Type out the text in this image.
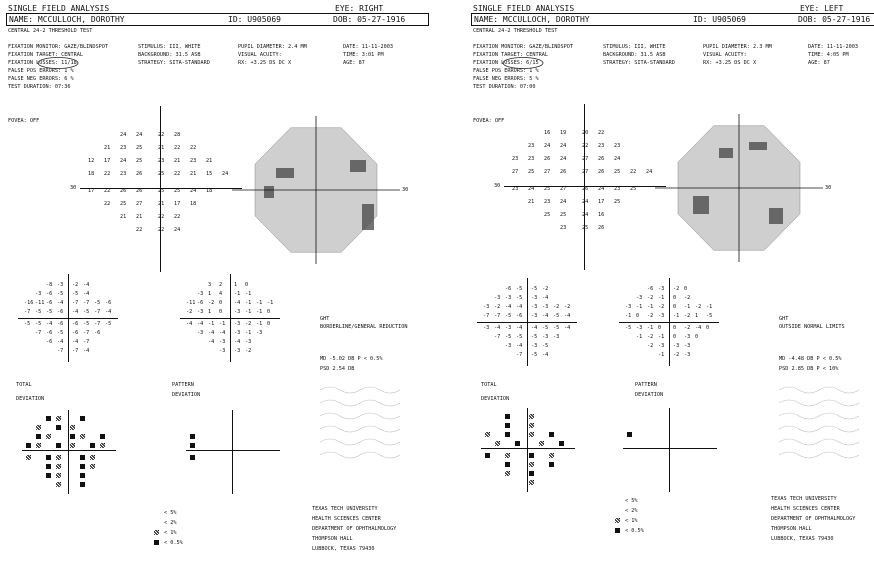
SINGLE FIELD ANALYSIS	EYE: RIGHT
NAME: MCCULLOCH, DOROTHY	ID: U905069	DOB: 05-27-1916
CENTRAL 24-2 THRESHOLD TEST
FIXATION MONITOR: GAZE/BLINDSPOT
FIXATION TARGET: CENTRAL
FIXATION LOSSES: 11/18
FALSE POS ERRORS: 1 %
FALSE NEG ERRORS: 6 %
TEST DURATION: 07:36
FOVEA: OFF
STIMULUS: III, WHITE
BACKGROUND: 31.5 ASB
STRATEGY: SITA-STANDARD
PUPIL DIAMETER: 2.4 MM
VISUAL ACUITY:
RX: +3.25 DS DC X
DATE: 11-11-2003
TIME: 3:01 PM
AGE: 87
30
24 24	22 28
21 23 25	21 22 22
12 17 24 25	23 21 23 21
18 22 23 26	25 22 21 15 24
17 22 26 26	25 25 24 18
22 25 27	21 17 18
21 21	22 22
22	22 24
30
-8 -3 -2 -4
-3 -6 -5 -5 -4
-16 -11 -6 -4 -7 -7 -5 -6
-7 -5 -5 -6 -4 -5 -7 -4
-5 -5 -4 -6 -6 -5 -7 -5
-7 -6 -5 -6 -7 -6
-6 -4 -4 -7
-7 -7 -4
3 2 1 0
-3 1 4 -1 -1
-11 -6 -2 0 -4 -1 -1 -1
-2 -3 1 0 -3 -1 -1 0
-4 -4 -1 -1 -3 -2 -1 0
-3 -4 -4 -3 -1 -3
-4 -3 -4 -3
-3 -3 -2
GHT
BORDERLINE/GENERAL REDUCTION
MD -5.02 DB P < 0.5%
PSD 2.54 DB
TOTAL
DEVIATION
PATTERN
DEVIATION
< 5%
< 2%
< 1%
< 0.5%
TEXAS TECH UNIVERSITY
HEALTH SCIENCES CENTER
DEPARTMENT OF OPHTHALMOLOGY
THOMPSON HALL
LUBBOCK, TEXAS 79430
SINGLE FIELD ANALYSIS	EYE: LEFT
NAME: MCCULLOCH, DOROTHY	ID: U905069	DOB: 05-27-1916
CENTRAL 24-2 THRESHOLD TEST
FIXATION MONITOR: GAZE/BLINDSPOT
FIXATION TARGET: CENTRAL
FIXATION LOSSES: 6/15
FALSE POS ERRORS: 1 %
FALSE NEG ERRORS: 5 %
TEST DURATION: 07:00
FOVEA: OFF
STIMULUS: III, WHITE
BACKGROUND: 31.5 ASB
STRATEGY: SITA-STANDARD
PUPIL DIAMETER: 2.3 MM
VISUAL ACUITY:
RX: +3.25 DS DC X
DATE: 11-11-2003
TIME: 4:05 PM
AGE: 87
30
16 19	20 22
23 24 24	22 23 23
23 23 26 24	27 26 24
27 25 27 26	27 26 25 22 24
23 24 25 27	26 24 23 25
21 23 24	24 17 25
25 25	24 16
23	25 26
30
-6 -5 -5 -2
-3 -3 -5 -3 -4
-3 -2 -4 -4 -3 -3 -2 -2
-7 -7 -5 -6 -3 -4 -5 -4
-3 -4 -3 -4 -4 -5 -5 -4
-7 -5 -5 -5 -3 -3
-3 -4 -3 -5
-7 -5 -4
-6 -3 -2 0
-3 -2 -1 0 -2
-3 -1 -1 -2 0 -1 -2 -1
-1 0 -2 -3 -1 -2 1 -5
-5 -3 -1 0 0 -2 -4 0
-1 -2 -1 0 -3 0
-2 -3 -3 -3
-1 -2 -3
GHT
OUTSIDE NORMAL LIMITS
MD -4.48 DB P < 0.5%
PSD 2.85 DB P < 10%
TOTAL
DEVIATION
PATTERN
DEVIATION
< 5%
< 2%
< 1%
< 0.5%
TEXAS TECH UNIVERSITY
HEALTH SCIENCES CENTER
DEPARTMENT OF OPHTHALMOLOGY
THOMPSON HALL
LUBBOCK, TEXAS 79430
